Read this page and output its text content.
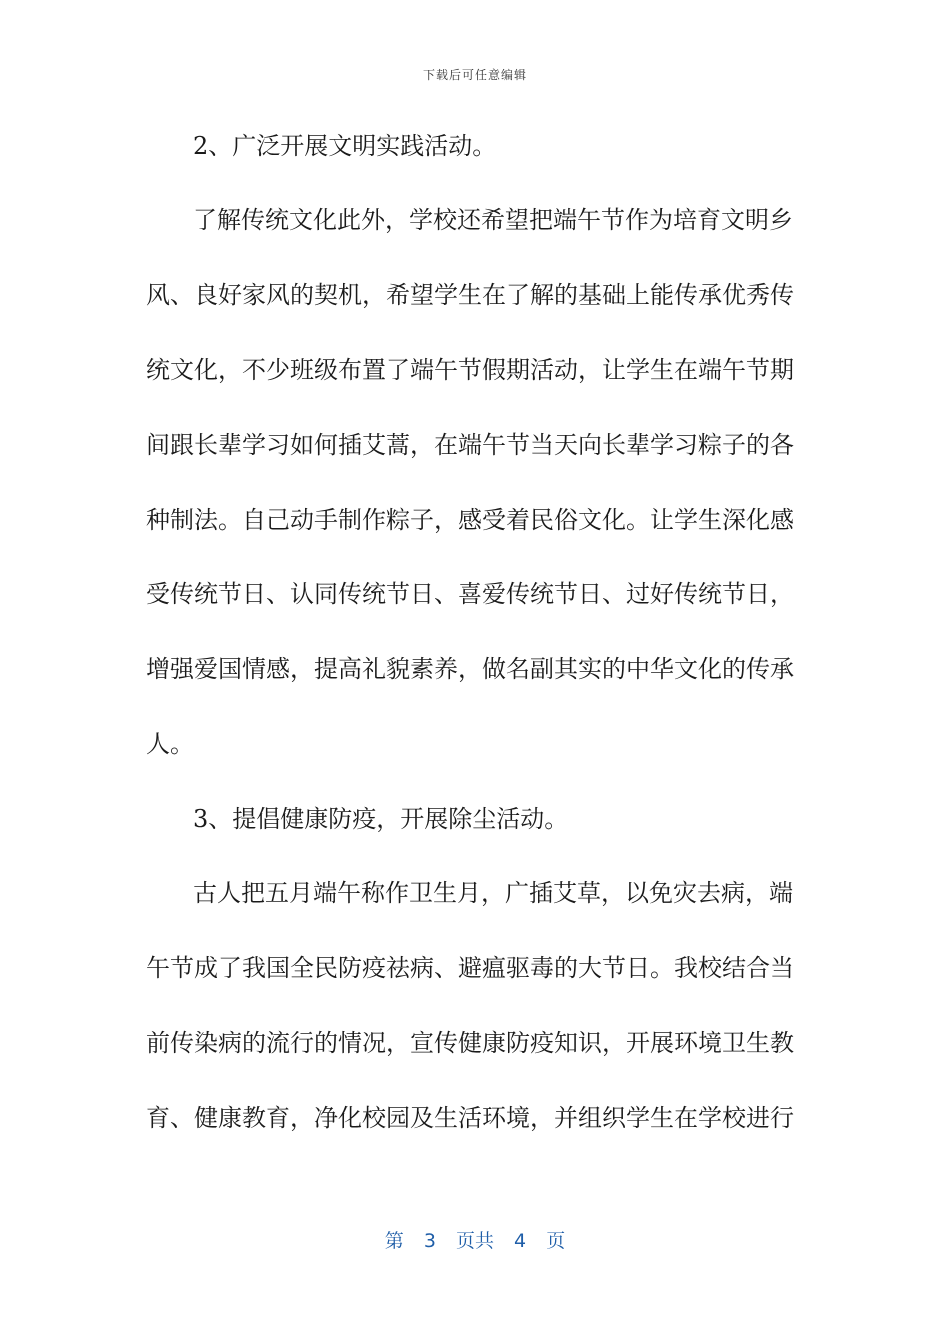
下载后可任意编辑
2、广泛开展文明实践活动。
了解传统文化此外，学校还希望把端午节作为培育文明乡
风、良好家风的契机，希望学生在了解的基础上能传承优秀传
统文化，不少班级布置了端午节假期活动，让学生在端午节期
间跟长辈学习如何插艾蒿，在端午节当天向长辈学习粽子的各
种制法。自己动手制作粽子，感受着民俗文化。让学生深化感
受传统节日、认同传统节日、喜爱传统节日、过好传统节日，
增强爱国情感，提高礼貌素养，做名副其实的中华文化的传承
人。
3、提倡健康防疫，开展除尘活动。
古人把五月端午称作卫生月，广插艾草，以免灾去病，端
午节成了我国全民防疫祛病、避瘟驱毒的大节日。我校结合当
前传染病的流行的情况，宣传健康防疫知识，开展环境卫生教
育、健康教育，净化校园及生活环境，并组织学生在学校进行
第 3 页共 4 页
